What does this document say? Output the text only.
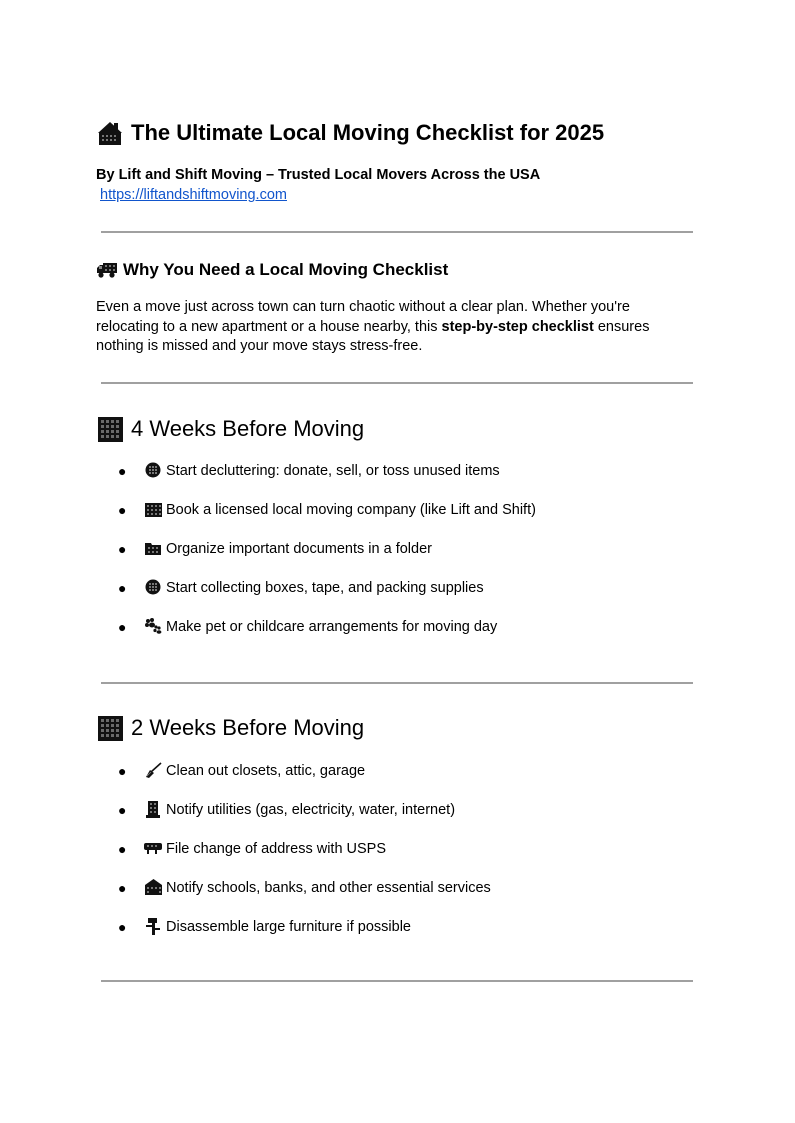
The Ultimate Local Moving Checklist for 2025
By Lift and Shift Moving – Trusted Local Movers Across the USA
https://liftandshiftmoving.com
Why You Need a Local Moving Checklist
Even a move just across town can turn chaotic without a clear plan. Whether you're relocating to a new apartment or a house nearby, this step-by-step checklist ensures nothing is missed and your move stays stress-free.
4 Weeks Before Moving
●	Start decluttering: donate, sell, or toss unused items
●	Book a licensed local moving company (like Lift and Shift)
●	Organize important documents in a folder
●	Start collecting boxes, tape, and packing supplies
●	Make pet or childcare arrangements for moving day
2 Weeks Before Moving
●	Clean out closets, attic, garage
●	Notify utilities (gas, electricity, water, internet)
●	File change of address with USPS
●	Notify schools, banks, and other essential services
●	Disassemble large furniture if possible
